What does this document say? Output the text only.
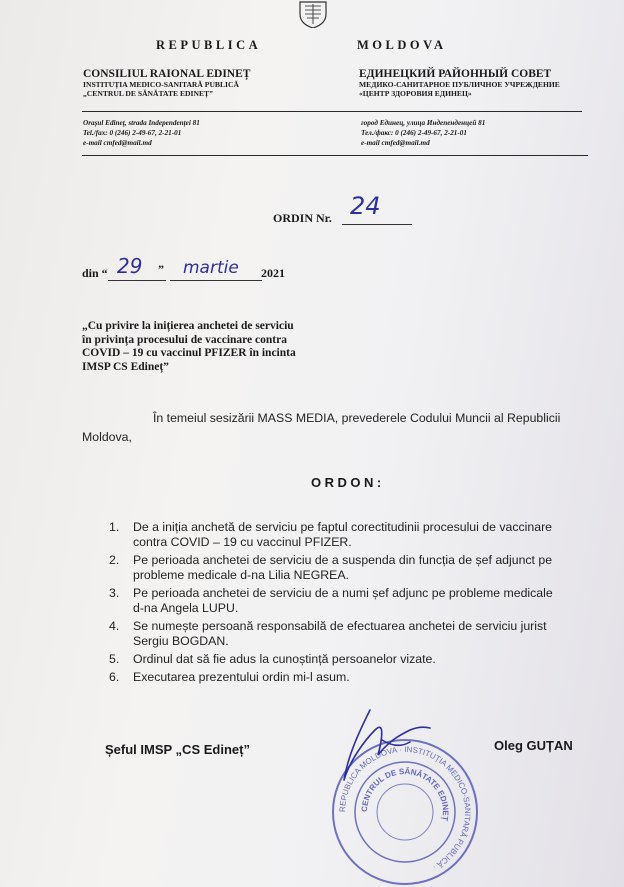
REPUBLICA	MOLDOVA
CONSILIUL RAIONAL EDINEȚ
INSTITUȚIA MEDICO-SANITARĂ PUBLICĂ
„CENTRUL DE SĂNĂTATE EDINEȚ”
ЕДИНЕЦКИЙ РАЙОННЫЙ СОВЕТ
МЕДИКО-САНИТАРНОЕ ПУБЛИЧНОЕ УЧРЕЖДЕНИЕ
«ЦЕНТР ЗДОРОВИЯ ЕДИНЕЦ»
Orașul Edineț, strada Independenței 81
Tel./fax: 0 (246) 2-49-67, 2-21-01
e-mail cmfed@mail.md
город Единец, улица Индепенденцей 81
Тел./факс: 0 (246) 2-49-67, 2-21-01
e-mail cmfed@mail.md
ORDIN Nr. 24
din “ 29 ” martie 2021
„Cu privire la inițierea anchetei de serviciu
în privința procesului de vaccinare contra
COVID – 19 cu vaccinul PFIZER în incinta
IMSP CS Edineț”
În temeiul sesizării MASS MEDIA, prevederele Codului Muncii al Republicii
Moldova,
ORDON:
1. De a iniția anchetă de serviciu pe faptul corectitudinii procesului de vaccinare
contra COVID – 19 cu vaccinul PFIZER.
2. Pe perioada anchetei de serviciu de a suspenda din funcția de șef adjunct pe
probleme medicale d-na Lilia NEGREA.
3. Pe perioada anchetei de serviciu de a numi șef adjunc pe probleme medicale
d-na Angela LUPU.
4. Se numește persoană responsabilă de efectuarea anchetei de serviciu jurist
Sergiu BOGDAN.
5. Ordinul dat să fie adus la cunoștință persoanelor vizate.
6. Executarea prezentului ordin mi-l asum.
Șeful IMSP „CS Edineț”	Oleg GUȚAN
REPUBLICA MOLDOVA · INSTITUȚIA MEDICO-SANITARĂ PUBLICĂ ·
CENTRUL DE SĂNĂTATE EDINEȚ
